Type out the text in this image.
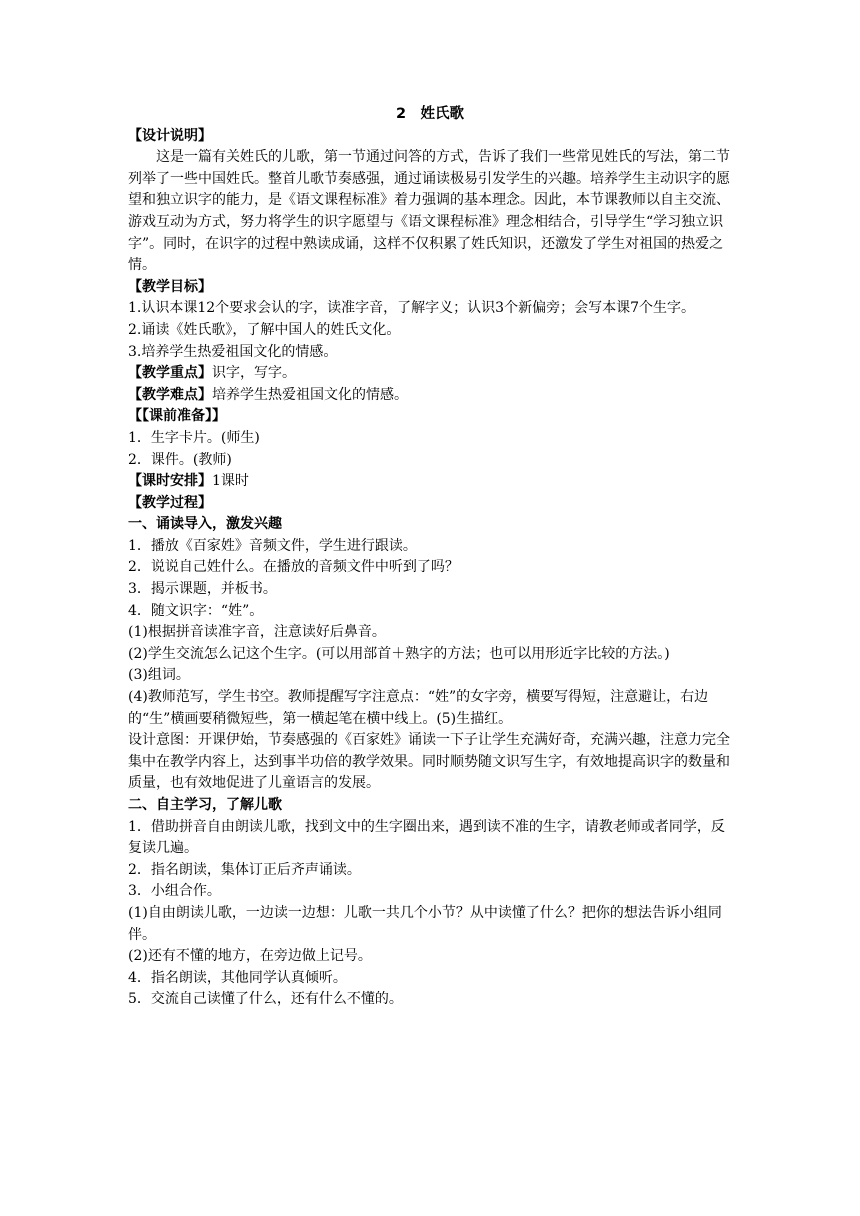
2　姓氏歌
【设计说明】

这是一篇有关姓氏的儿歌，第一节通过问答的方式，告诉了我们一些常见姓氏的写法，第二节列举了一些中国姓氏。整首儿歌节奏感强，通过诵读极易引发学生的兴趣。培养学生主动识字的愿望和独立识字的能力，是《语文课程标准》着力强调的基本理念。因此，本节课教师以自主交流、游戏互动为方式，努力将学生的识字愿望与《语文课程标准》理念相结合，引导学生“学习独立识字”。同时，在识字的过程中熟读成诵，这样不仅积累了姓氏知识，还激发了学生对祖国的热爱之情。

【教学目标】

1.认识本课12个要求会认的字，读准字音，了解字义；认识3个新偏旁；会写本课7个生字。

2.诵读《姓氏歌》，了解中国人的姓氏文化。

3.培养学生热爱祖国文化的情感。

【教学重点】识字，写字。

【教学难点】培养学生热爱祖国文化的情感。

【【课前准备】】

1．生字卡片。(师生)

2．课件。(教师)

【课时安排】1课时

【教学过程】
一、诵读导入，激发兴趣

1．播放《百家姓》音频文件，学生进行跟读。

2．说说自己姓什么。在播放的音频文件中听到了吗？

3．揭示课题，并板书。

4．随文识字：“姓”。

(1)根据拼音读准字音，注意读好后鼻音。

(2)学生交流怎么记这个生字。(可以用部首＋熟字的方法；也可以用形近字比较的方法。)

(3)组词。

(4)教师范写，学生书空。教师提醒写字注意点：“姓”的女字旁，横要写得短，注意避让，右边的“生”横画要稍微短些，第一横起笔在横中线上。(5)生描红。

设计意图：开课伊始，节奏感强的《百家姓》诵读一下子让学生充满好奇，充满兴趣，注意力完全集中在教学内容上，达到事半功倍的教学效果。同时顺势随文识写生字，有效地提高识字的数量和质量，也有效地促进了儿童语言的发展。

二、自主学习，了解儿歌

1．借助拼音自由朗读儿歌，找到文中的生字圈出来，遇到读不准的生字，请教老师或者同学，反复读几遍。

2．指名朗读，集体订正后齐声诵读。

3．小组合作。

(1)自由朗读儿歌，一边读一边想：儿歌一共几个小节？从中读懂了什么？把你的想法告诉小组同伴。

(2)还有不懂的地方，在旁边做上记号。

4．指名朗读，其他同学认真倾听。

5．交流自己读懂了什么，还有什么不懂的。
